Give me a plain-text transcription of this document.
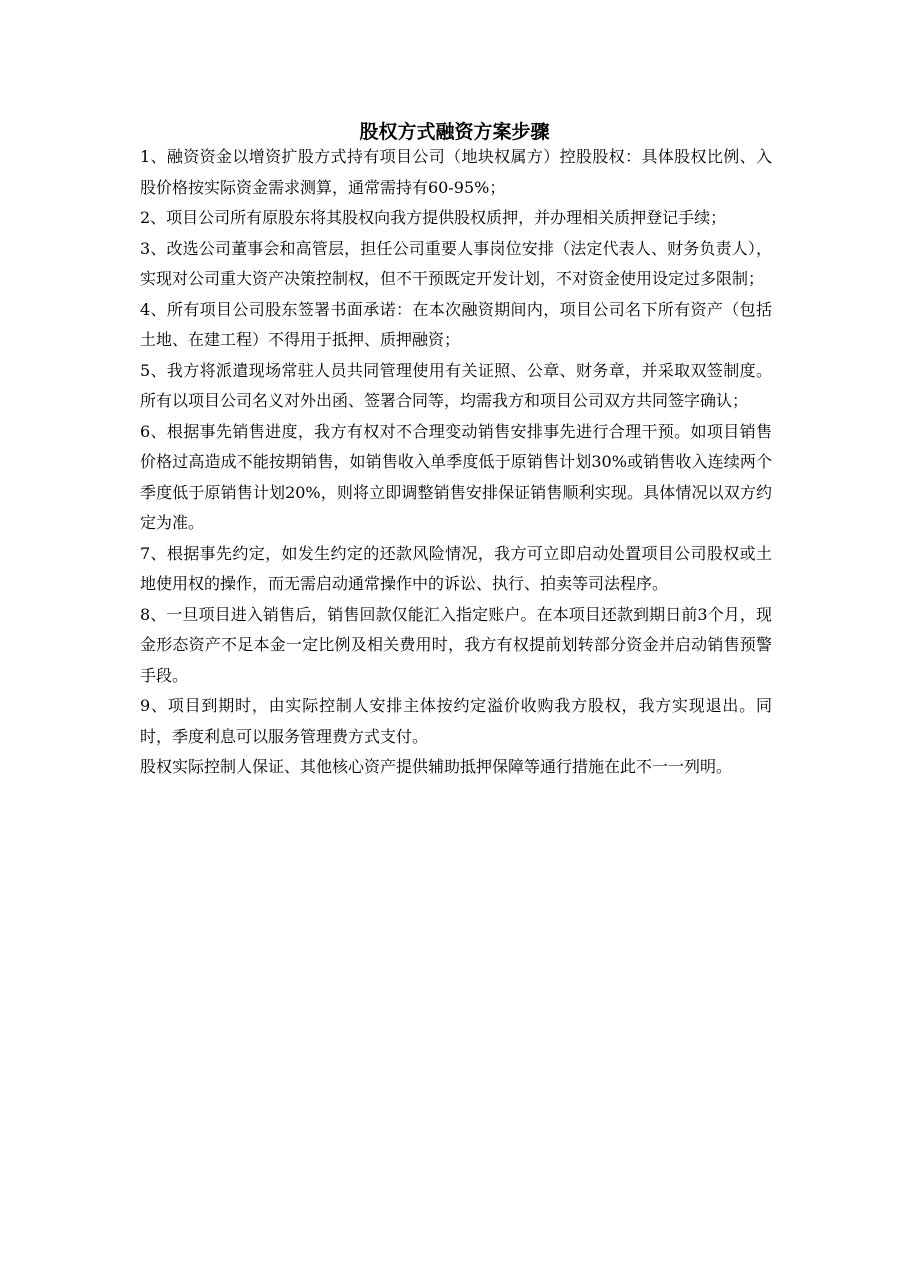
股权方式融资方案步骤

1、融资资金以增资扩股方式持有项目公司（地块权属方）控股股权：具体股权比例、入股价格按实际资金需求测算，通常需持有60-95%；

2、项目公司所有原股东将其股权向我方提供股权质押，并办理相关质押登记手续；

3、改选公司董事会和高管层，担任公司重要人事岗位安排（法定代表人、财务负责人），实现对公司重大资产决策控制权，但不干预既定开发计划，不对资金使用设定过多限制；

4、所有项目公司股东签署书面承诺：在本次融资期间内，项目公司名下所有资产（包括土地、在建工程）不得用于抵押、质押融资；

5、我方将派遣现场常驻人员共同管理使用有关证照、公章、财务章，并采取双签制度。所有以项目公司名义对外出函、签署合同等，均需我方和项目公司双方共同签字确认；

6、根据事先销售进度，我方有权对不合理变动销售安排事先进行合理干预。如项目销售价格过高造成不能按期销售，如销售收入单季度低于原销售计划30%或销售收入连续两个季度低于原销售计划20%，则将立即调整销售安排保证销售顺利实现。具体情况以双方约定为准。

7、根据事先约定，如发生约定的还款风险情况，我方可立即启动处置项目公司股权或土地使用权的操作，而无需启动通常操作中的诉讼、执行、拍卖等司法程序。

8、一旦项目进入销售后，销售回款仅能汇入指定账户。在本项目还款到期日前3个月，现金形态资产不足本金一定比例及相关费用时，我方有权提前划转部分资金并启动销售预警手段。

9、项目到期时，由实际控制人安排主体按约定溢价收购我方股权，我方实现退出。同时，季度利息可以服务管理费方式支付。

股权实际控制人保证、其他核心资产提供辅助抵押保障等通行措施在此不一一列明。
